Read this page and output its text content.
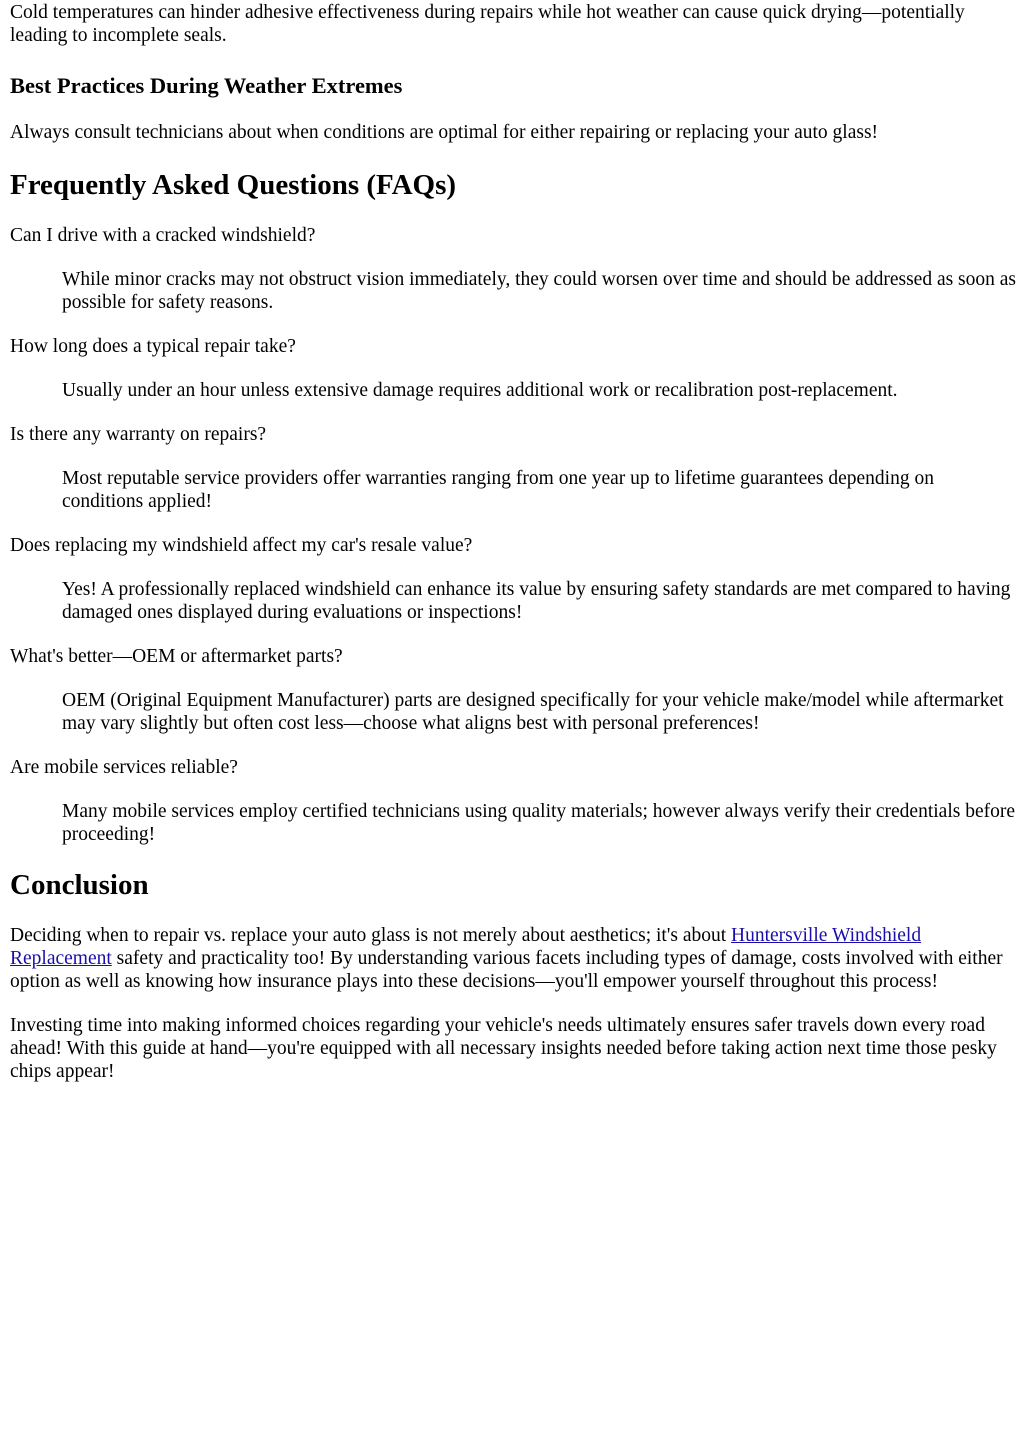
Cold temperatures can hinder adhesive effectiveness during repairs while hot weather can cause quick drying—potentially leading to incomplete seals.

Best Practices During Weather Extremes

Always consult technicians about when conditions are optimal for either repairing or replacing your auto glass!

Frequently Asked Questions (FAQs)
Can I drive with a cracked windshield?
While minor cracks may not obstruct vision immediately, they could worsen over time and should be addressed as soon as possible for safety reasons.
How long does a typical repair take?
Usually under an hour unless extensive damage requires additional work or recalibration post-replacement.
Is there any warranty on repairs?
Most reputable service providers offer warranties ranging from one year up to lifetime guarantees depending on conditions applied!
Does replacing my windshield affect my car's resale value?
Yes! A professionally replaced windshield can enhance its value by ensuring safety standards are met compared to having damaged ones displayed during evaluations or inspections!
What's better—OEM or aftermarket parts?
OEM (Original Equipment Manufacturer) parts are designed specifically for your vehicle make/model while aftermarket may vary slightly but often cost less—choose what aligns best with personal preferences!
Are mobile services reliable?
Many mobile services employ certified technicians using quality materials; however always verify their credentials before proceeding!
Conclusion

Deciding when to repair vs. replace your auto glass is not merely about aesthetics; it's about Huntersville Windshield Replacement safety and practicality too! By understanding various facets including types of damage, costs involved with either option as well as knowing how insurance plays into these decisions—you'll empower yourself throughout this process!

Investing time into making informed choices regarding your vehicle's needs ultimately ensures safer travels down every road ahead! With this guide at hand—you're equipped with all necessary insights needed before taking action next time those pesky chips appear!
